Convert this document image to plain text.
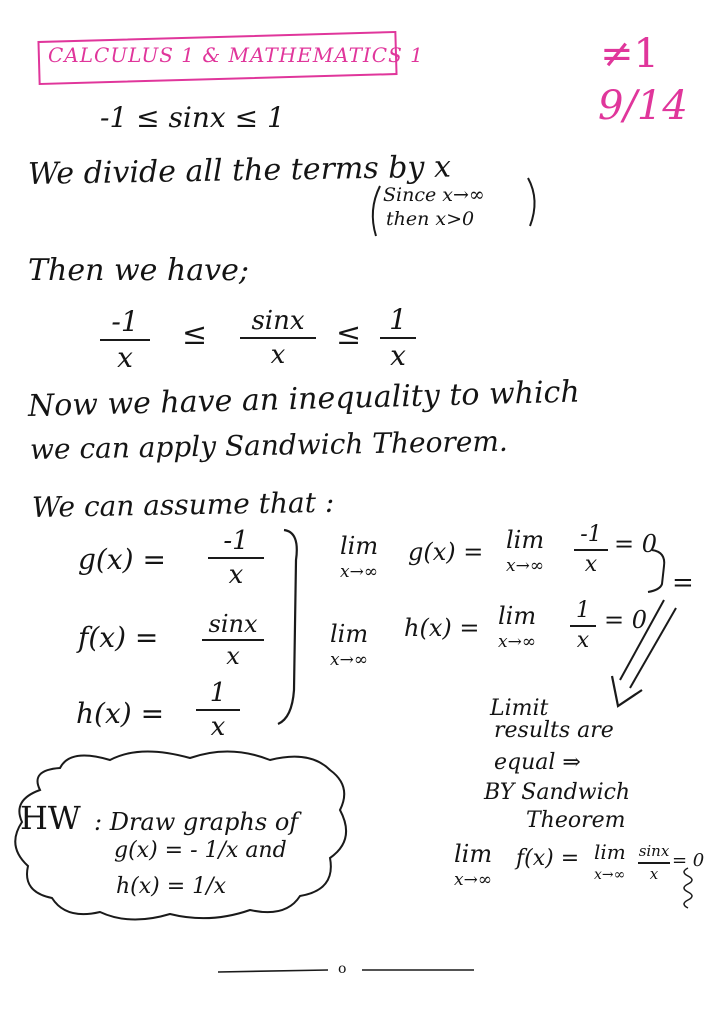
CALCULUS 1 & MATHEMATICS 1	≠1
9/14
-1 ≤ sinx ≤ 1
We divide all the terms by x
Since x→∞
then x>0
Then we have;
-1
x
≤ sinx
x
≤ 1
x
Now we have an inequality to which
we can apply Sandwich Theorem.
We can assume that :
g(x) =
-1
x
f(x) = sinx
x
h(x) =
1
x
lim
x→∞
g(x) = lim
x→∞
-1
x
= 0
lim
x→∞
h(x) = lim
x→∞
1
x
= 0
=
Limit
results are
equal ⇒
BY Sandwich
Theorem
lim
x→∞
f(x) = lim
x→∞
sinx
x
= 0
HW : Draw graphs of
g(x) = - 1/x and
h(x) = 1/x
o
